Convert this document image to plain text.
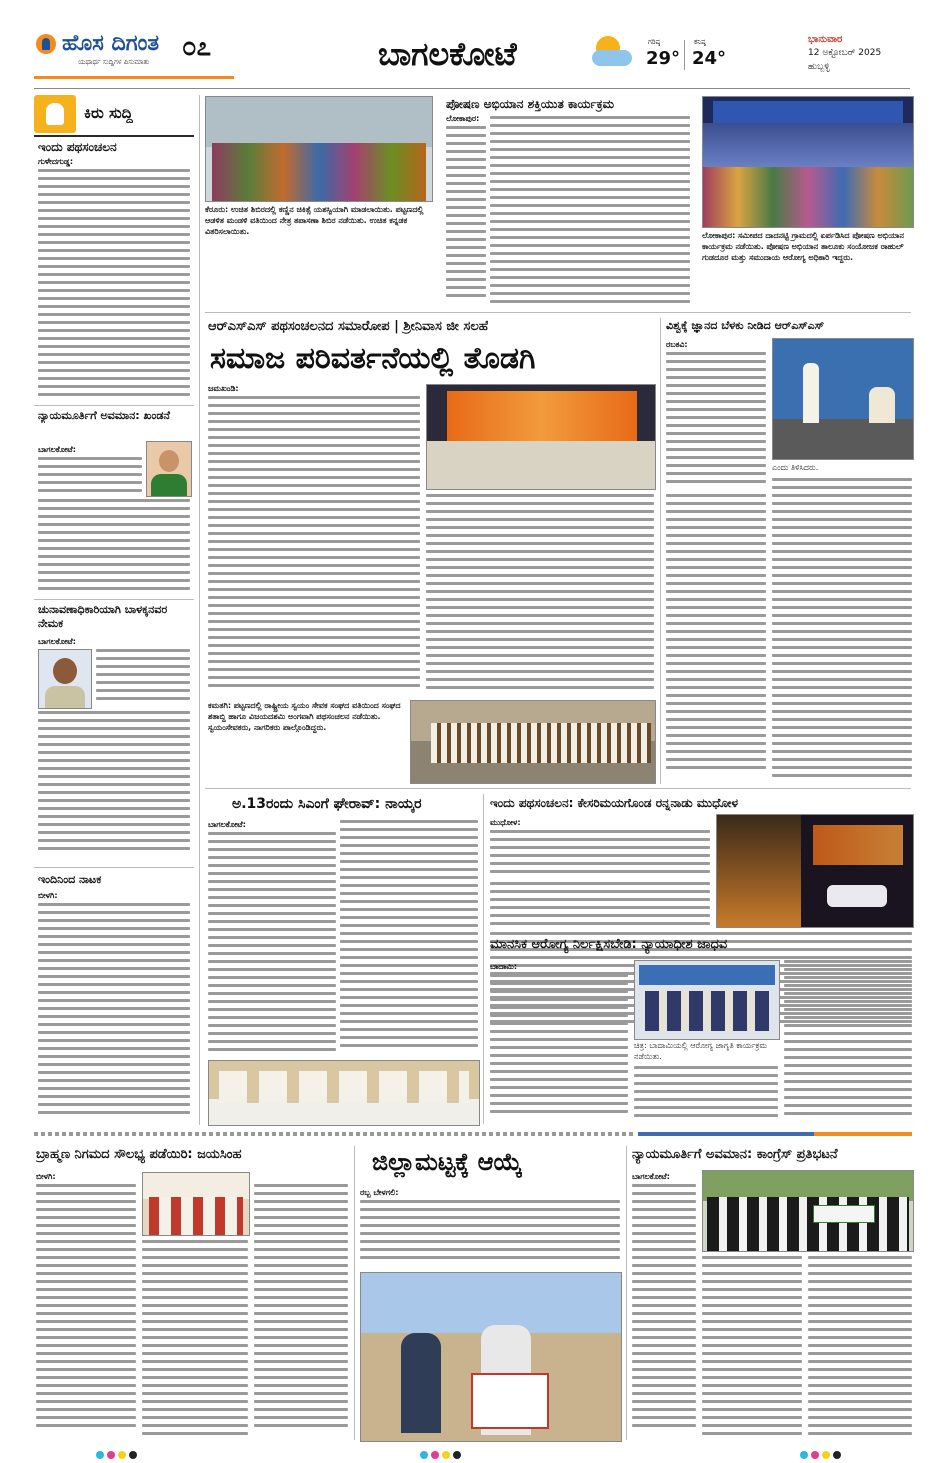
ಹೊಸ ದಿಗಂತ
ಯಥಾರ್ಥ ಸುದ್ದಿಗಳ ಪಿಸುಮಾತು ೦೭	ಬಾಗಲಕೋಟೆ	ಗರಿಷ್ಠ
29°
ಕನಿಷ್ಠ
24°
ಭಾನುವಾರ
12 ಅಕ್ಟೋಬರ್ 2025
ಹುಬ್ಬಳ್ಳಿ
ಕಿರು ಸುದ್ದಿ
ಇಂದು ಪಥಸಂಚಲನ
ಗುಳೇದಗುಡ್ಡ:
ನ್ಯಾಯಮೂರ್ತಿಗೆ ಅವಮಾನ: ಖಂಡನೆ
ಬಾಗಲಕೋಟೆ:
ಚುನಾವಣಾಧಿಕಾರಿಯಾಗಿ ಬಾಳಕ್ಕನವರ ನೇಮಕ
ಬಾಗಲಕೋಟೆ:
ಇಂದಿನಿಂದ ನಾಟಕ
ಬೀಳಗಿ:
ಕೆರೂರು: ಉಚಿತ ಶಿಬಿರದಲ್ಲಿ ಕಣ್ಣಿನ ಚಿಕಿತ್ಸೆ ಯಶಸ್ವಿಯಾಗಿ ಮಾಡಲಾಯಿತು. ಪಟ್ಟಣದಲ್ಲಿ ಆಡಳಿತ ಮಂಡಳಿ ವತಿಯಿಂದ ನೇತ್ರ ತಪಾಸಣಾ ಶಿಬಿರ ನಡೆಯಿತು. ಉಚಿತ ಕನ್ನಡಕ ವಿತರಿಸಲಾಯಿತು.
ಪೋಷಣ ಅಭಿಯಾನ ಶಕ್ತಿಯುತ ಕಾರ್ಯಕ್ರಮ
ಲೋಕಾಪುರ:
ಲೋಕಾಪುರ: ಸಮೀಪದ ದಾದನಟ್ಟಿ ಗ್ರಾಮದಲ್ಲಿ ಏರ್ಪಡಿಸಿದ ಪೋಷಣ ಅಭಿಯಾನ ಕಾರ್ಯಕ್ರಮ ನಡೆಯಿತು. ಪೋಷಣ ಅಭಿಯಾನ ತಾಲೂಕು ಸಂಯೋಜಕ ರಾಹುಲ್ ಗುಡದೂರ ಮತ್ತು ಸಮುದಾಯ ಆರೋಗ್ಯ ಅಧಿಕಾರಿ ಇದ್ದರು.
ಆರ್‌ಎಸ್‌ಎಸ್ ಪಥಸಂಚಲನದ ಸಮಾರೋಪ | ಶ್ರೀನಿವಾಸ ಜೀ ಸಲಹೆ
ಸಮಾಜ ಪರಿವರ್ತನೆಯಲ್ಲಿ ತೊಡಗಿ
ಜಮಖಂಡಿ:
ಕಮತಗಿ: ಪಟ್ಟಣದಲ್ಲಿ ರಾಷ್ಟ್ರೀಯ ಸ್ವಯಂ ಸೇವಕ ಸಂಘದ ವತಿಯಿಂದ ಸಂಘದ ಶತಾಬ್ದಿ ಹಾಗೂ ವಿಜಯದಶಮಿ ಅಂಗವಾಗಿ ಪಥಸಂಚಲನ ನಡೆಯಿತು. ಸ್ವಯಂಸೇವಕರು, ನಾಗರಿಕರು ಪಾಲ್ಗೊಂಡಿದ್ದರು.
ವಿಶ್ವಕ್ಕೆ ಜ್ಞಾನದ ಬೆಳಕು ನೀಡಿದ ಆರ್‌ಎಸ್‌ಎಸ್
ರಬಕವಿ:
ಎಂದು ತಿಳಿಸಿದರು.
ಅ.13ರಂದು ಸಿಎಂಗೆ ಘೇರಾವ್: ನಾಯ್ಕರ
ಬಾಗಲಕೋಟೆ:
ಇಂದು ಪಥಸಂಚಲನ: ಕೇಸರಿಮಯಗೊಂಡ ರನ್ನನಾಡು ಮುಧೋಳ
ಮುಧೋಳ:
ಮಾನಸಿಕ ಆರೋಗ್ಯ ನಿರ್ಲಕ್ಷಿಸಬೇಡಿ: ನ್ಯಾಯಾಧೀಶ ಜಾಧವ
ಬಾದಾಮಿ:
ಚಿತ್ರ: ಬಾದಾಮಿಯಲ್ಲಿ ಆರೋಗ್ಯ ಜಾಗೃತಿ ಕಾರ್ಯಕ್ರಮ ನಡೆಯಿತು.
ಬ್ರಾಹ್ಮಣ ನಿಗಮದ ಸೌಲಭ್ಯ ಪಡೆಯಿರಿ: ಜಯಸಿಂಹ
ಬೀಳಗಿ:
ಜಿಲ್ಲಾಮಟ್ಟಕ್ಕೆ ಆಯ್ಕೆ
ರಬ್ಬ ಬೇಳಗಲಿ:
ನ್ಯಾಯಮೂರ್ತಿಗೆ ಅವಮಾನ: ಕಾಂಗ್ರೆಸ್ ಪ್ರತಿಭಟನೆ
ಬಾಗಲಕೋಟೆ:
